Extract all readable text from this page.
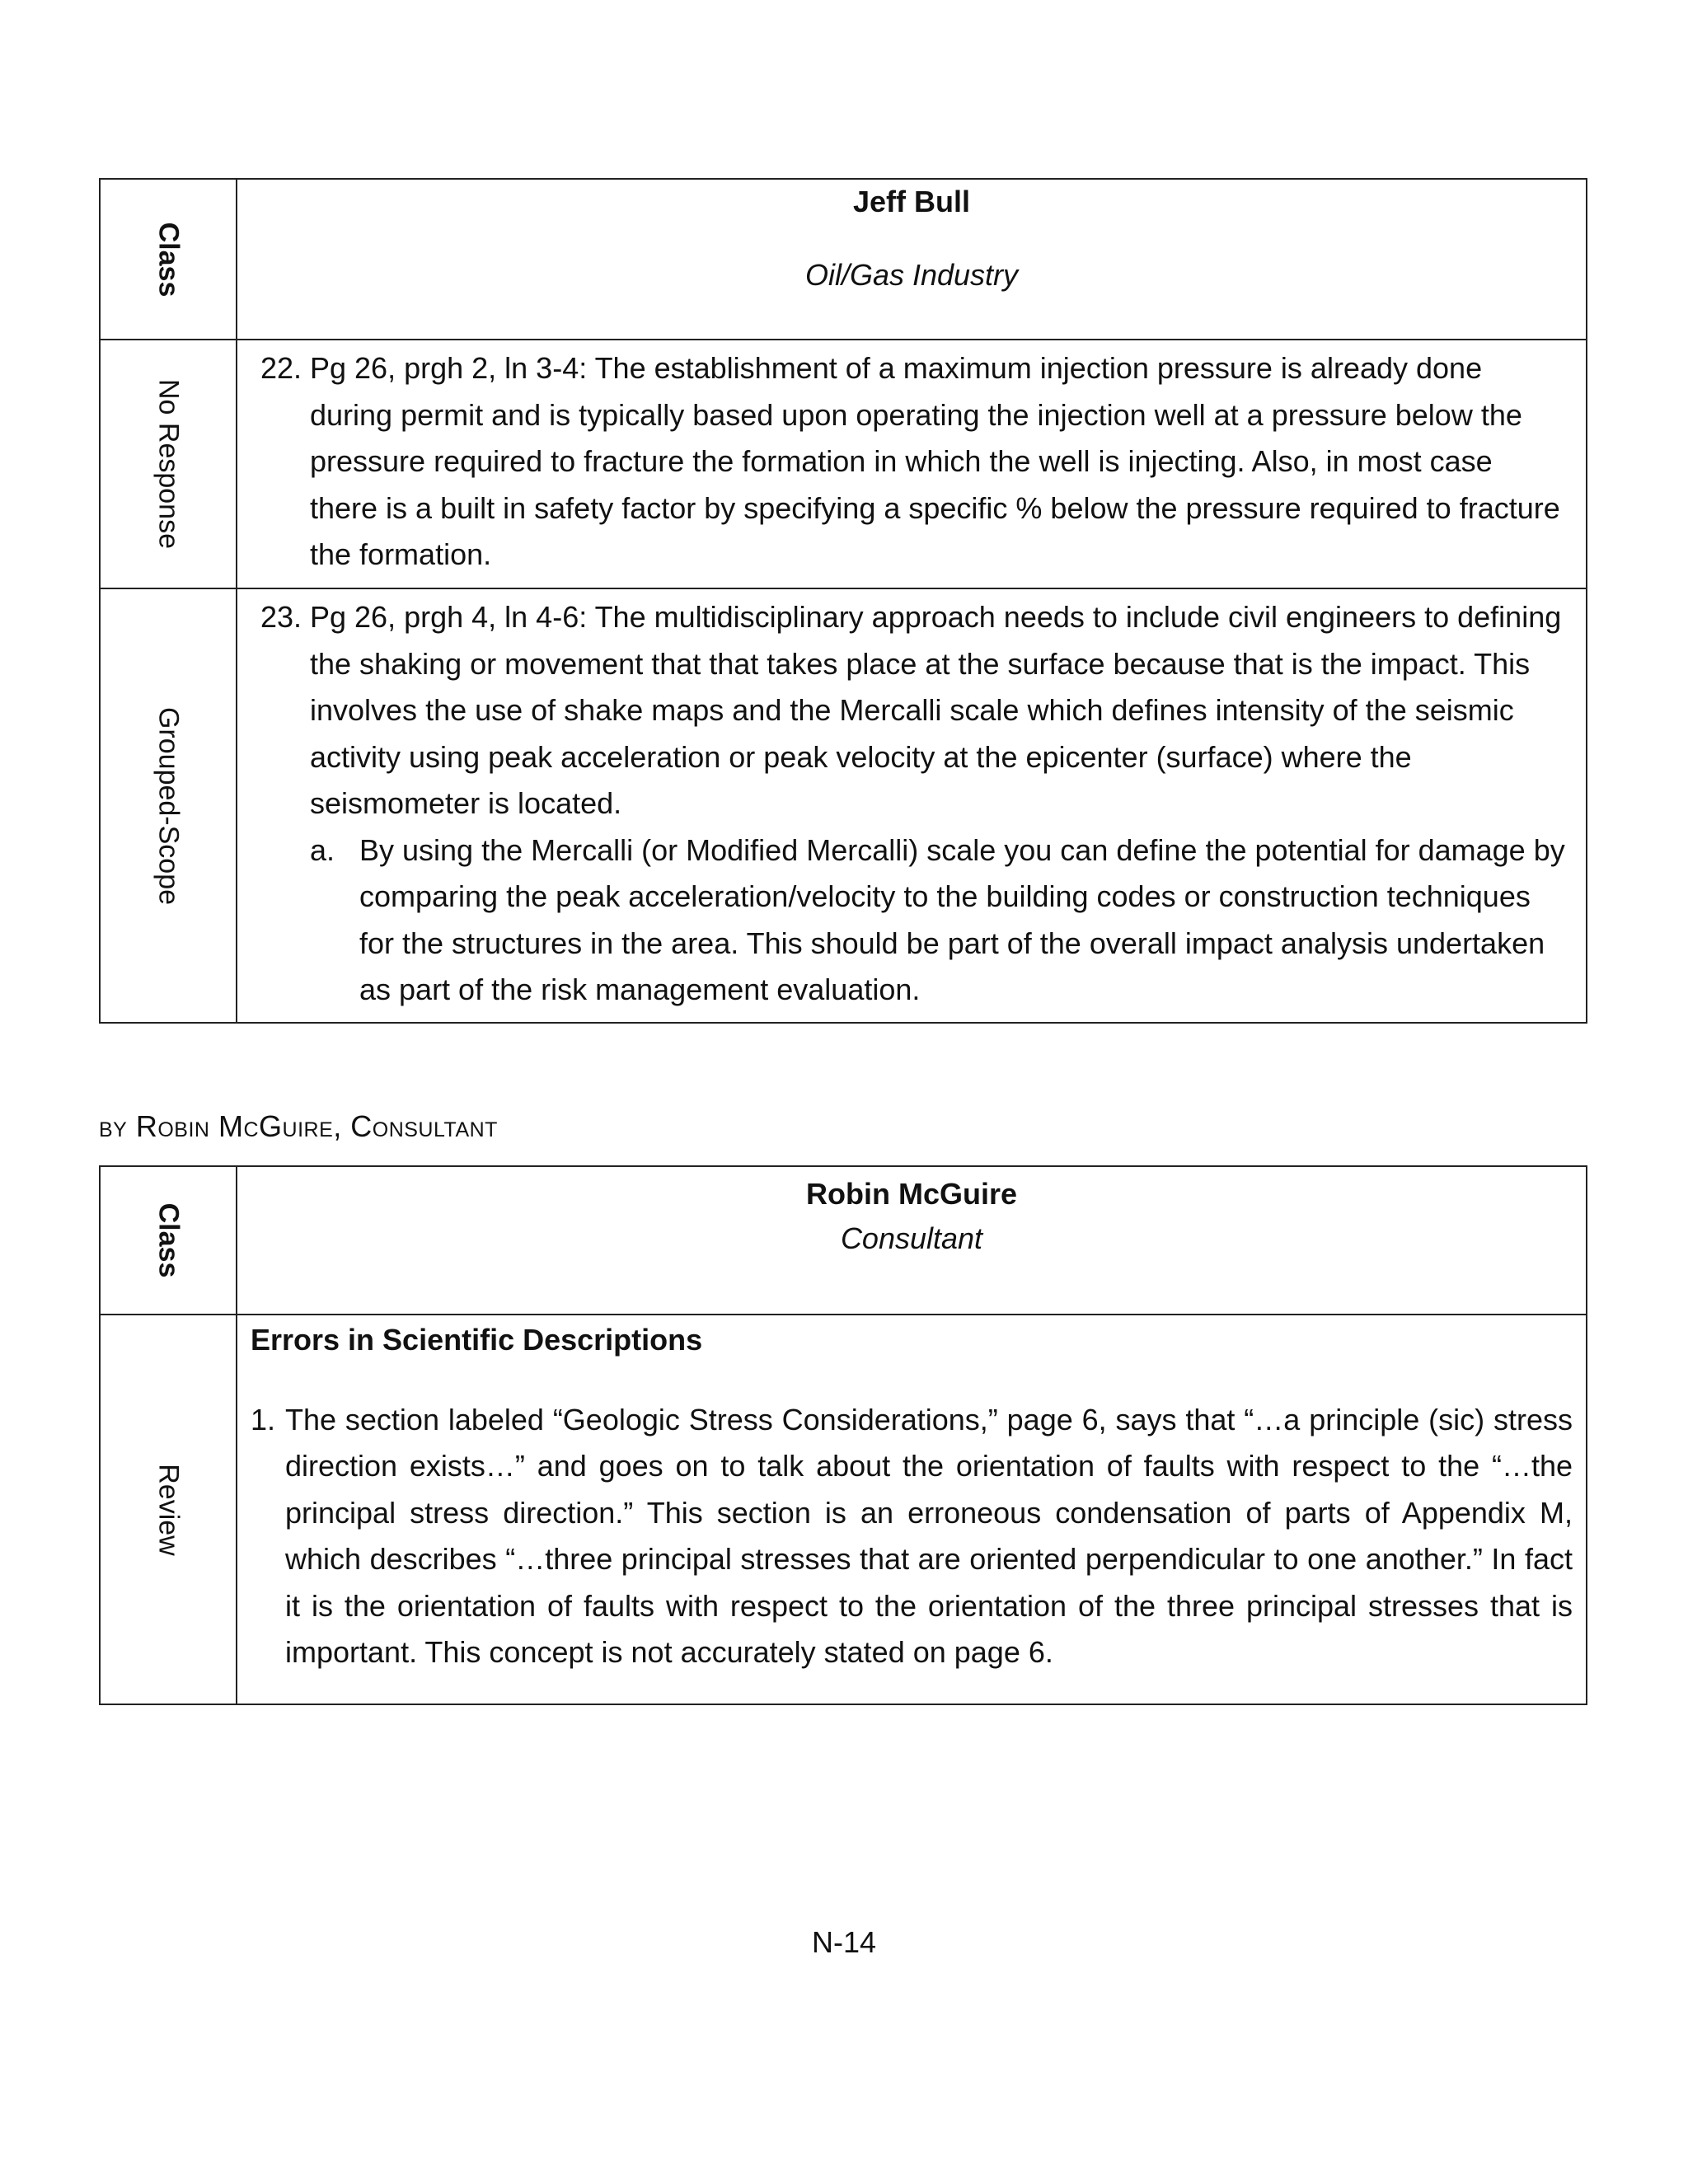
Class	Jeff Bull
Oil/Gas Industry

No Response	22. Pg 26, prgh 2, ln 3-4: The establishment of a maximum injection pressure is already done during permit and is typically based upon operating the injection well at a pressure below the pressure required to fracture the formation in which the well is injecting. Also, in most case there is a built in safety factor by specifying a specific % below the pressure required to fracture the formation.

Grouped-Scope	23. Pg 26, prgh 4, ln 4-6: The multidisciplinary approach needs to include civil engineers to defining the shaking or movement that that takes place at the surface because that is the impact. This involves the use of shake maps and the Mercalli scale which defines intensity of the seismic activity using peak acceleration or peak velocity at the epicenter (surface) where the seismometer is located.
a. By using the Mercalli (or Modified Mercalli) scale you can define the potential for damage by comparing the peak acceleration/velocity to the building codes or construction techniques for the structures in the area. This should be part of the overall impact analysis undertaken as part of the risk management evaluation.
by Robin McGuire, Consultant
Class	Robin McGuire
Consultant

Review	Errors in Scientific Descriptions
1. The section labeled “Geologic Stress Considerations,” page 6, says that “…a principle (sic) stress direction exists…” and goes on to talk about the orientation of faults with respect to the “…the principal stress direction.” This section is an erroneous condensation of parts of Appendix M, which describes “…three principal stresses that are oriented perpendicular to one another.” In fact it is the orientation of faults with respect to the orientation of the three principal stresses that is important. This concept is not accurately stated on page 6.
N-14
